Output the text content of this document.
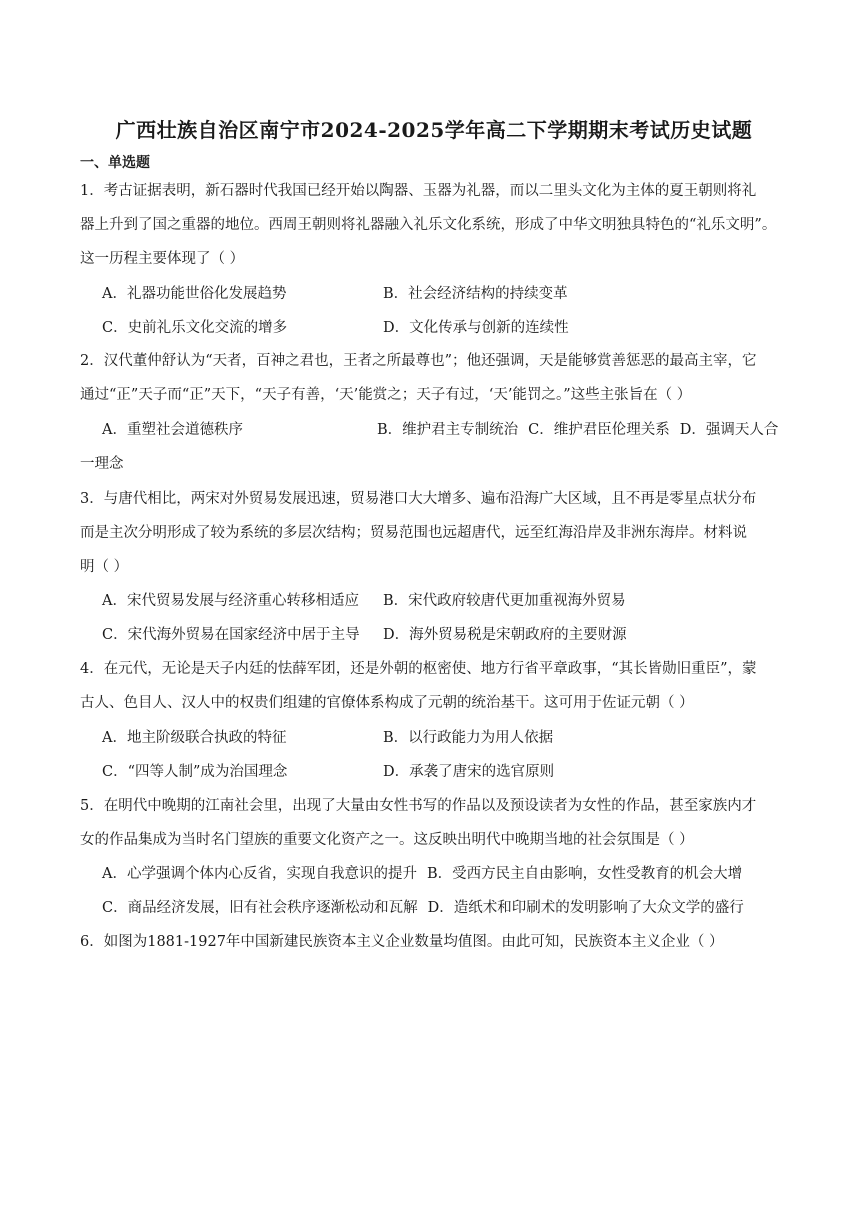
广西壮族自治区南宁市2024-2025学年高二下学期期末考试历史试题
一、单选题
1．考古证据表明，新石器时代我国已经开始以陶器、玉器为礼器，而以二里头文化为主体的夏王朝则将礼
器上升到了国之重器的地位。西周王朝则将礼器融入礼乐文化系统，形成了中华文明独具特色的“礼乐文明”。
这一历程主要体现了（ ）
A．礼器功能世俗化发展趋势	B．社会经济结构的持续变革
C．史前礼乐文化交流的增多	D．文化传承与创新的连续性
2．汉代董仲舒认为“天者，百神之君也，王者之所最尊也”；他还强调，天是能够赏善惩恶的最高主宰，它
通过“正”天子而“正”天下，“天子有善，‘天’能赏之；天子有过，‘天’能罚之。”这些主张旨在（ ）
A．重塑社会道德秩序	B．维护君主专制统治 C．维护君臣伦理关系 D．强调天人合
一理念
3．与唐代相比，两宋对外贸易发展迅速，贸易港口大大增多、遍布沿海广大区域，且不再是零星点状分布
而是主次分明形成了较为系统的多层次结构；贸易范围也远超唐代，远至红海沿岸及非洲东海岸。材料说
明（ ）
A．宋代贸易发展与经济重心转移相适应 B．宋代政府较唐代更加重视海外贸易
C．宋代海外贸易在国家经济中居于主导 D．海外贸易税是宋朝政府的主要财源
4．在元代，无论是天子内廷的怯薛军团，还是外朝的枢密使、地方行省平章政事，“其长皆勋旧重臣”，蒙
古人、色目人、汉人中的权贵们组建的官僚体系构成了元朝的统治基干。这可用于佐证元朝（ ）
A．地主阶级联合执政的特征	B．以行政能力为用人依据
C．“四等人制”成为治国理念	D．承袭了唐宋的选官原则
5．在明代中晚期的江南社会里，出现了大量由女性书写的作品以及预设读者为女性的作品，甚至家族内才
女的作品集成为当时名门望族的重要文化资产之一。这反映出明代中晚期当地的社会氛围是（ ）
A．心学强调个体内心反省，实现自我意识的提升 B．受西方民主自由影响，女性受教育的机会大增
C．商品经济发展，旧有社会秩序逐渐松动和瓦解 D．造纸术和印刷术的发明影响了大众文学的盛行
6．如图为1881-1927年中国新建民族资本主义企业数量均值图。由此可知，民族资本主义企业（ ）
